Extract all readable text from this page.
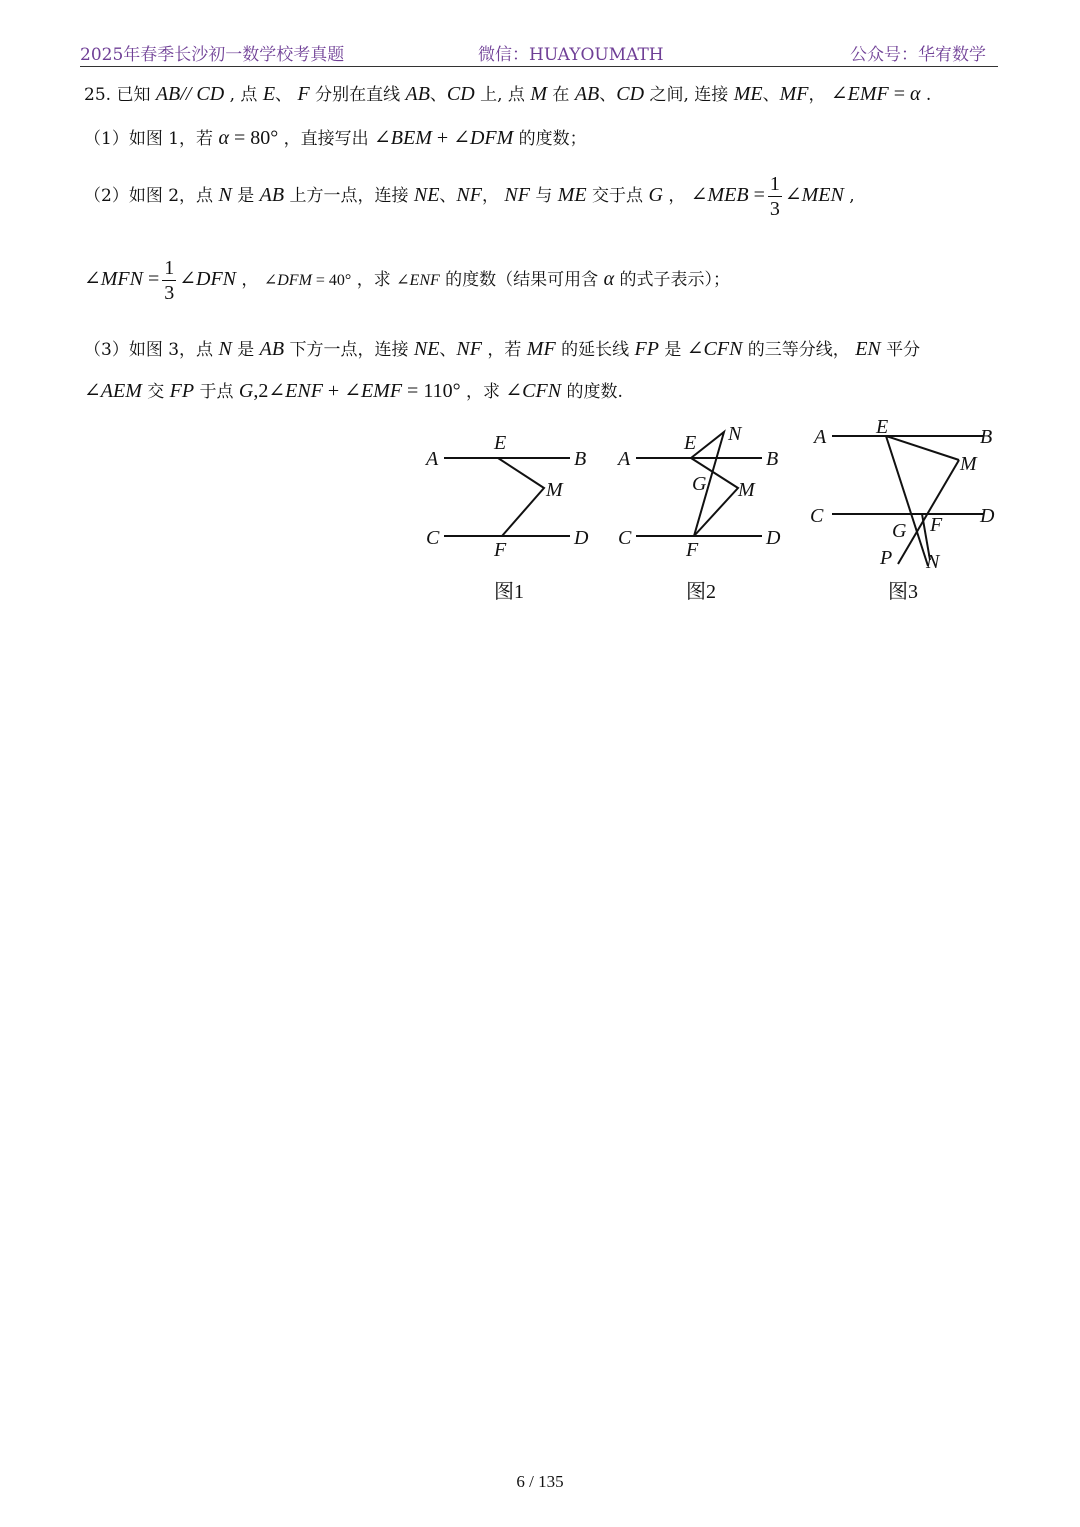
2025年春季长沙初一数学校考真题	微信：HUAYOUMATH	公众号：华宥数学
25. 已知 AB// CD , 点 E、 F 分别在直线 AB、CD 上, 点 M 在 AB、CD 之间, 连接 ME、MF， ∠EMF = α .
（1）如图 1，若 α = 80° ，直接写出 ∠BEM + ∠DFM 的度数；
（2）如图 2，点 N 是 AB 上方一点，连接 NE、NF， NF 与 ME 交于点 G ， ∠MEB = $\frac{1}{3}$ ∠MEN ,
∠MFN = $\frac{1}{3}$ ∠DFN ， ∠DFM = 40° ，求 ∠ENF 的度数（结果可用含 α 的式子表示）；
（3）如图 3，点 N 是 AB 下方一点，连接 NE、NF ，若 MF 的延长线 FP 是 ∠CFN 的三等分线， EN 平分
∠AEM 交 FP 于点 G,2∠ENF + ∠EMF = 110° ，求 ∠CFN 的度数.
A
E
B
M
C
F
D
图1
A
E N
B
G M
C
F
D
图2
A E	B
M
C
G F D
P N
图3
6 / 135
